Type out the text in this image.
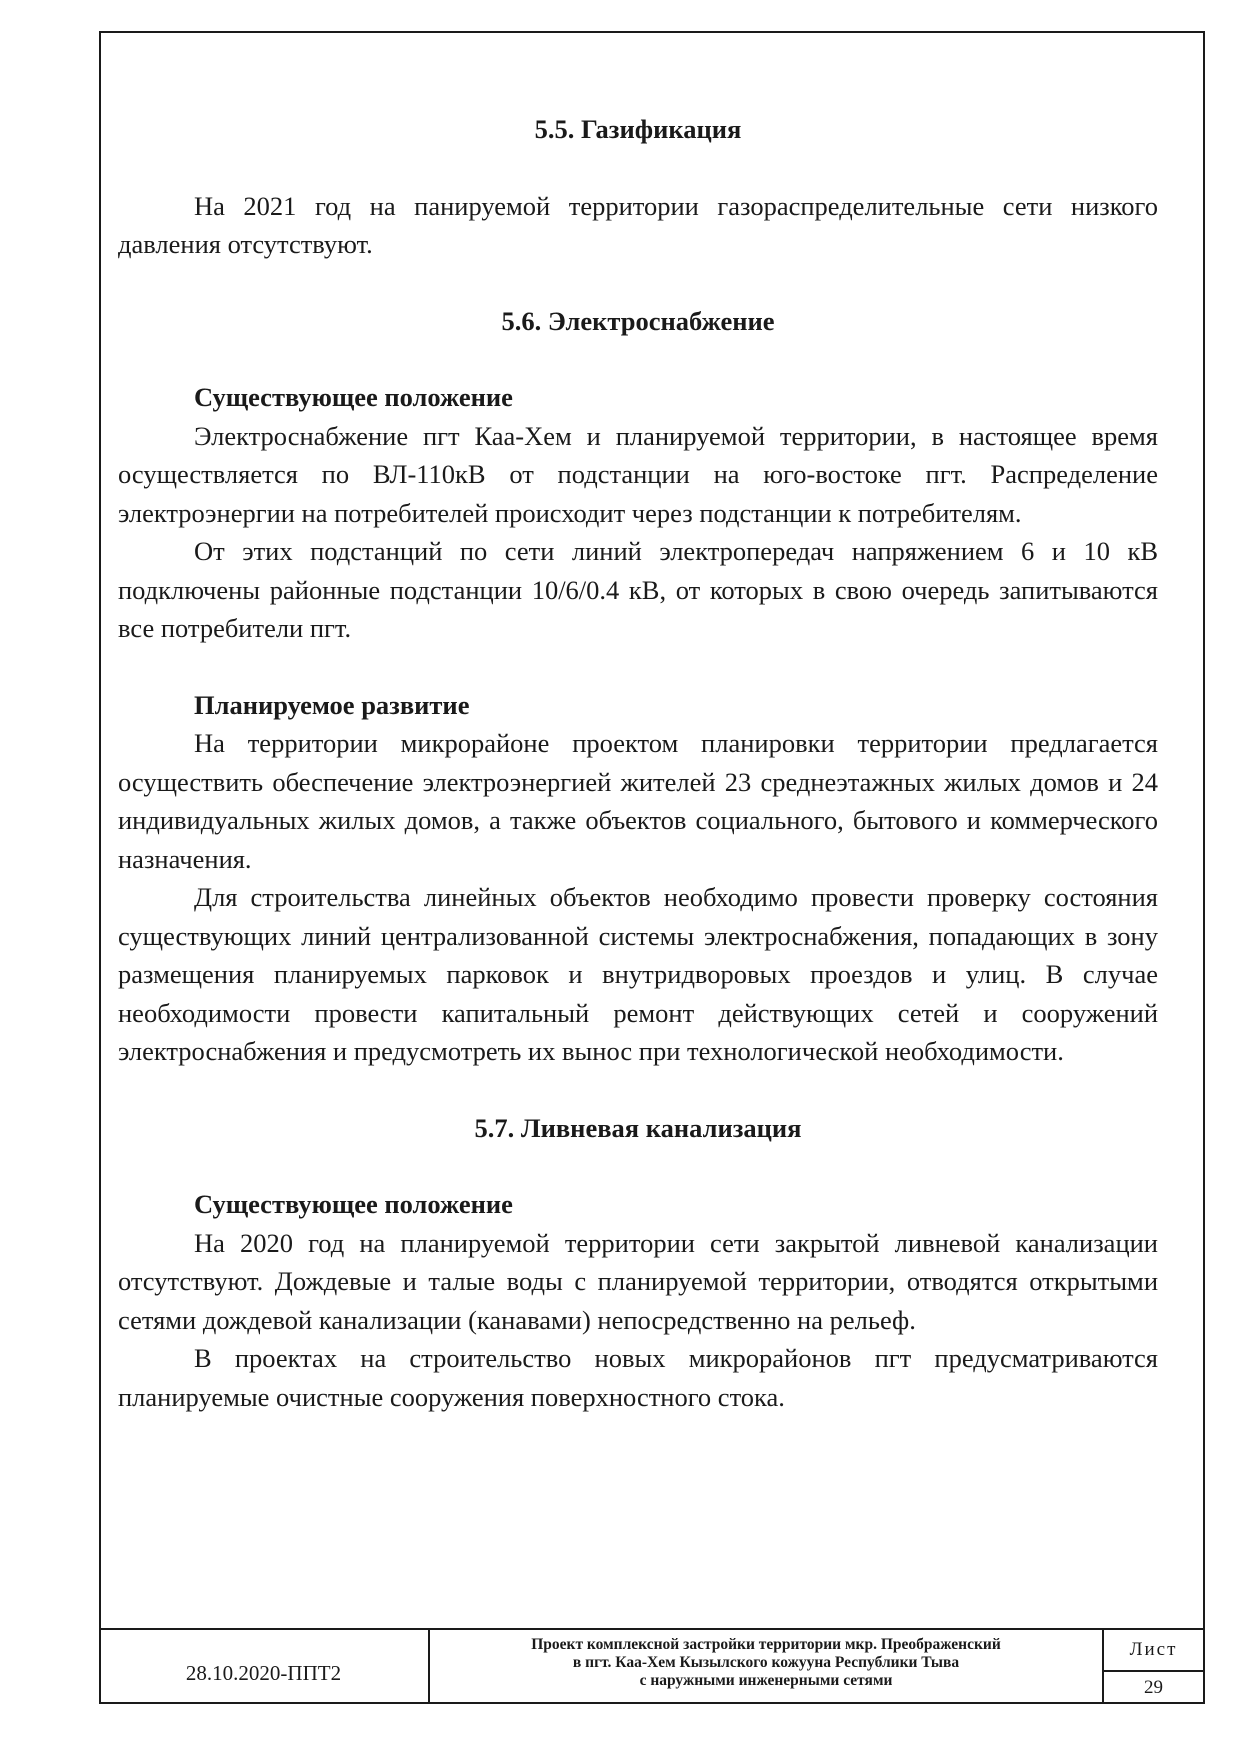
5.5. Газификация

На 2021 год на панируемой территории газораспределительные сети низкого давления отсутствуют.

5.6. Электроснабжение

Существующее положение

Электроснабжение пгт Каа-Хем и планируемой территории, в настоящее время осуществляется по ВЛ-110кВ от подстанции на юго-востоке пгт. Распределение электроэнергии на потребителей происходит через подстанции к потребителям.

От этих подстанций по сети линий электропередач напряжением 6 и 10 кВ подключены районные подстанции 10/6/0.4 кВ, от которых в свою очередь запитываются все потребители пгт.

Планируемое развитие

На территории микрорайоне проектом планировки территории предлагается осуществить обеспечение электроэнергией жителей 23 среднеэтажных жилых домов и 24 индивидуальных жилых домов, а также объектов социального, бытового и коммерческого назначения.

Для строительства линейных объектов необходимо провести проверку состояния существующих линий централизованной системы электроснабжения, попадающих в зону размещения планируемых парковок и внутридворовых проездов и улиц. В случае необходимости провести капитальный ремонт действующих сетей и сооружений электроснабжения и предусмотреть их вынос при технологической необходимости.

5.7. Ливневая канализация

Существующее положение

На 2020 год на планируемой территории сети закрытой ливневой канализации отсутствуют. Дождевые и талые воды с планируемой территории, отводятся открытыми сетями дождевой канализации (канавами) непосредственно на рельеф.

В проектах на строительство новых микрорайонов пгт предусматриваются планируемые очистные сооружения поверхностного стока.

28.10.2020-ППТ2
Проект комплексной застройки территории мкр. Преображенский
в пгт. Каа-Хем Кызылского кожууна Республики Тыва
с наружными инженерными сетями
Лист
29
